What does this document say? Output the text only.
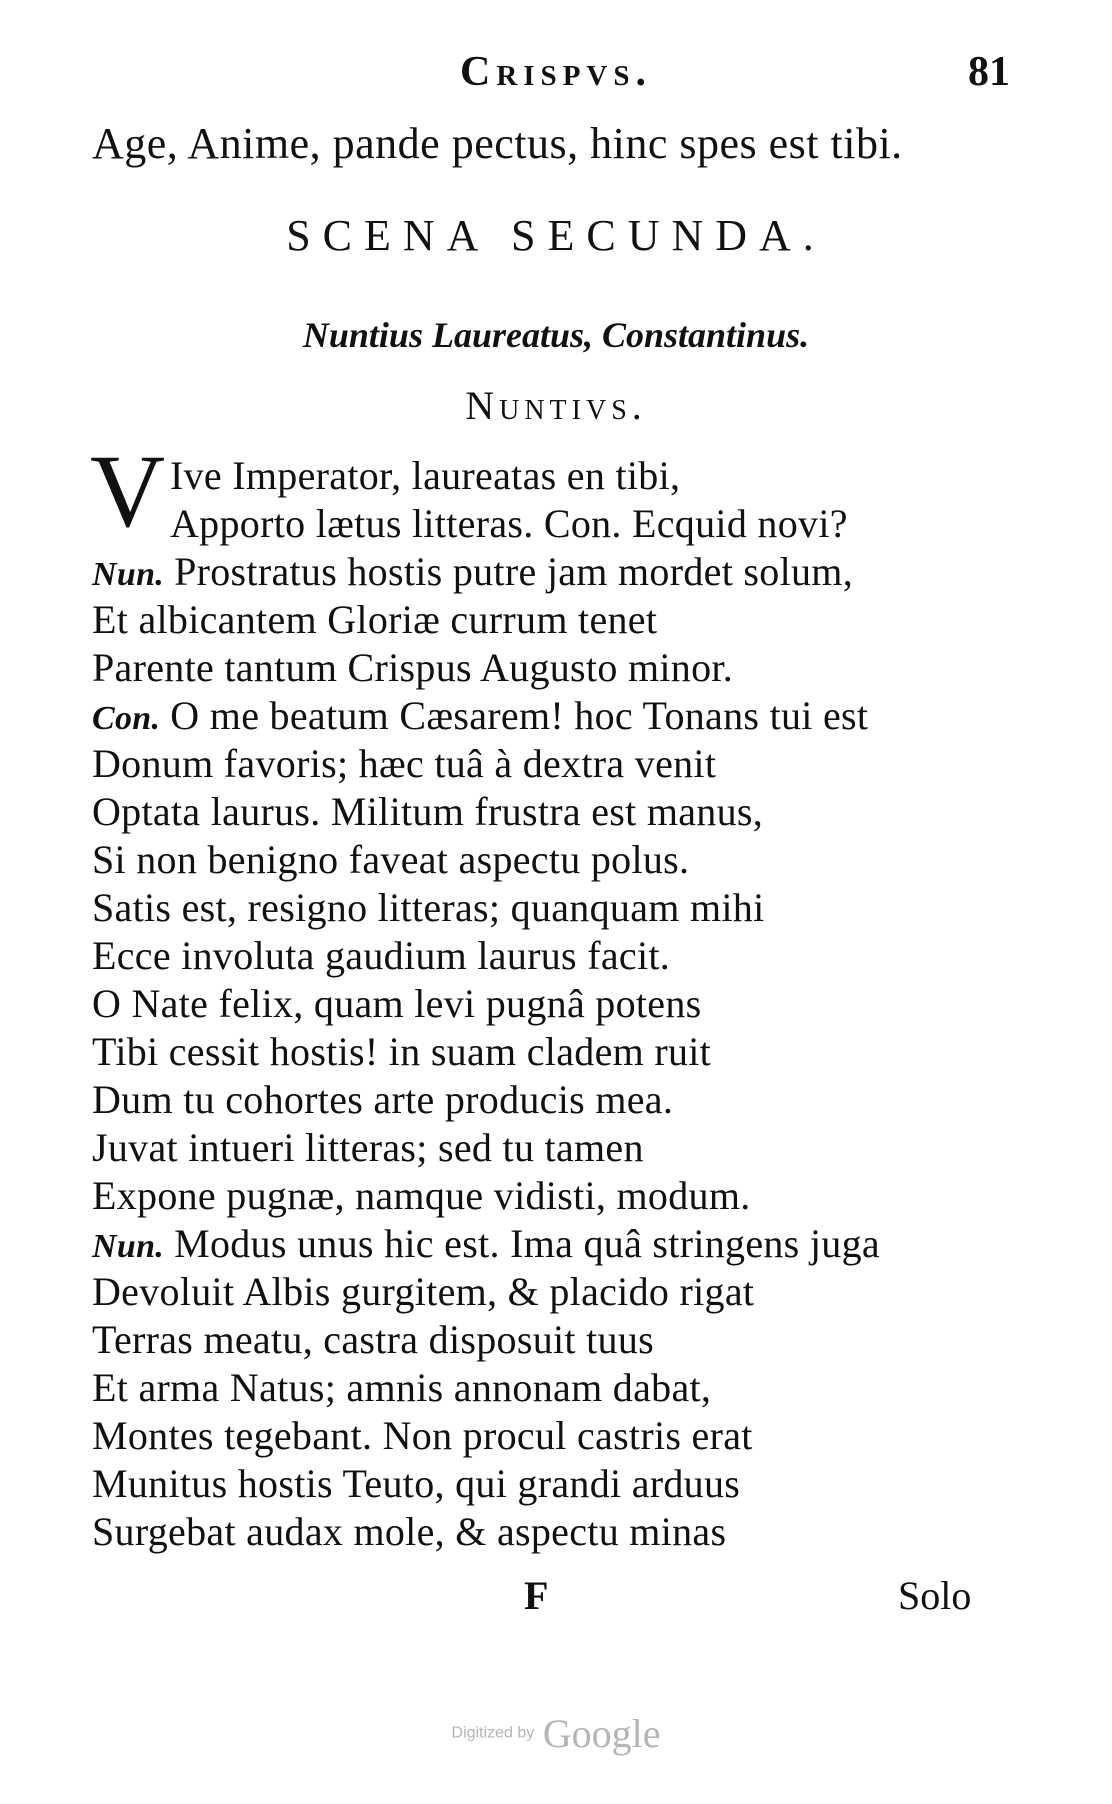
Crispvs.	81
Age, Anime, pande pectus, hinc spes est tibi.
SCENA SECUNDA.
Nuntius Laureatus, Constantinus.
Nuntivs.
V Ive Imperator, laureatas en tibi,
Apporto lætus litteras. Con. Ecquid novi?
Nun. Prostratus hostis putre jam mordet solum,
Et albicantem Gloriæ currum tenet
Parente tantum Crispus Augusto minor.
Con. O me beatum Cæsarem! hoc Tonans tui est
Donum favoris; hæc tuâ à dextra venit
Optata laurus. Militum frustra est manus,
Si non benigno faveat aspectu polus.
Satis est, resigno litteras; quanquam mihi
Ecce involuta gaudium laurus facit.
O Nate felix, quam levi pugnâ potens
Tibi cessit hostis! in suam cladem ruit
Dum tu cohortes arte producis mea.
Juvat intueri litteras; sed tu tamen
Expone pugnæ, namque vidisti, modum.
Nun. Modus unus hic est. Ima quâ stringens juga
Devoluit Albis gurgitem, & placido rigat
Terras meatu, castra disposuit tuus
Et arma Natus; amnis annonam dabat,
Montes tegebant. Non procul castris erat
Munitus hostis Teuto, qui grandi arduus
Surgebat audax mole, & aspectu minas
F	Solo
Digitized by Google
